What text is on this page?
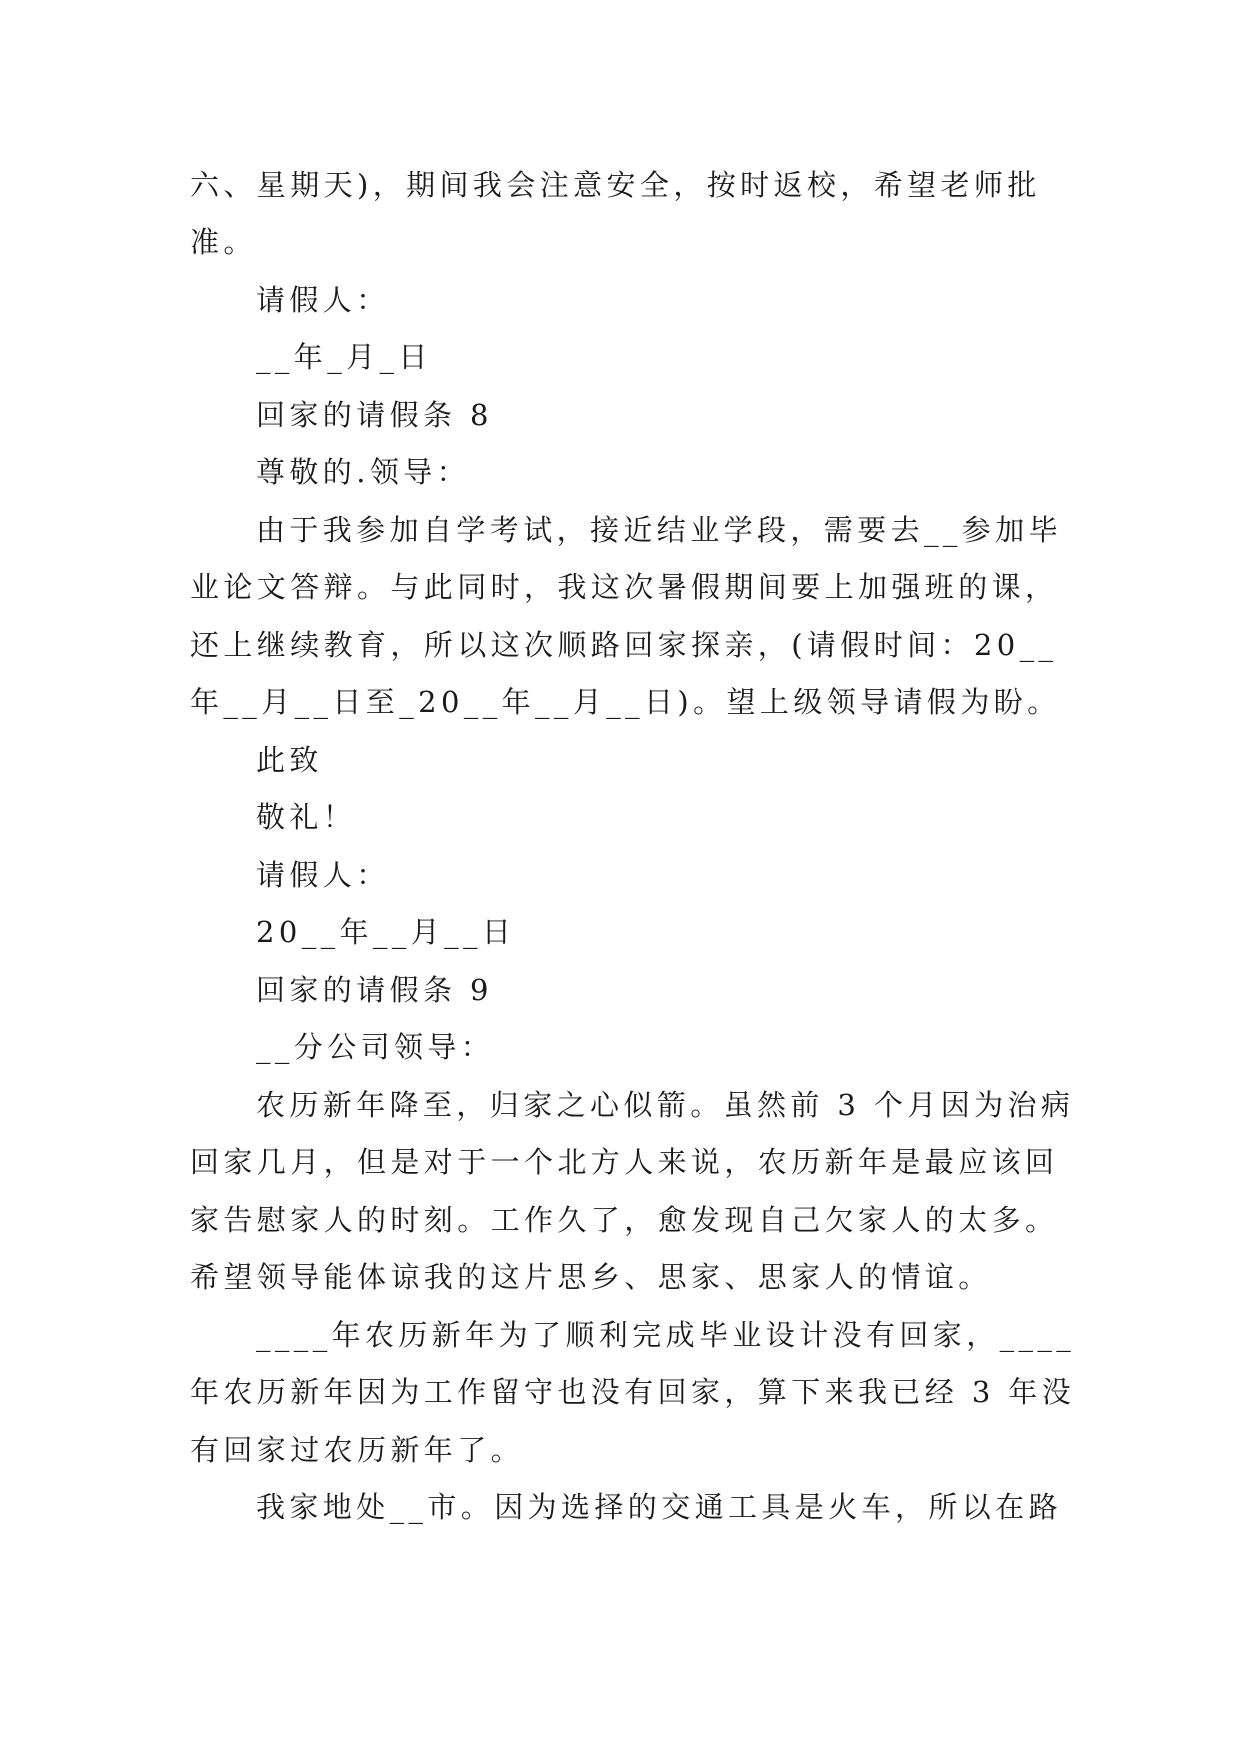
六、星期天)，期间我会注意安全，按时返校，希望老师批
准。
请假人：
__年_月_日
回家的请假条 8
尊敬的.领导：
由于我参加自学考试，接近结业学段，需要去__参加毕
业论文答辩。与此同时，我这次暑假期间要上加强班的课，
还上继续教育，所以这次顺路回家探亲，(请假时间：20__
年__月__日至_20__年__月__日)。望上级领导请假为盼。
此致
敬礼！
请假人：
20__年__月__日
回家的请假条 9
__分公司领导：
农历新年降至，归家之心似箭。虽然前 3 个月因为治病
回家几月，但是对于一个北方人来说，农历新年是最应该回
家告慰家人的时刻。工作久了，愈发现自己欠家人的太多。
希望领导能体谅我的这片思乡、思家、思家人的情谊。
____年农历新年为了顺利完成毕业设计没有回家，____
年农历新年因为工作留守也没有回家，算下来我已经 3 年没
有回家过农历新年了。
我家地处__市。因为选择的交通工具是火车，所以在路
